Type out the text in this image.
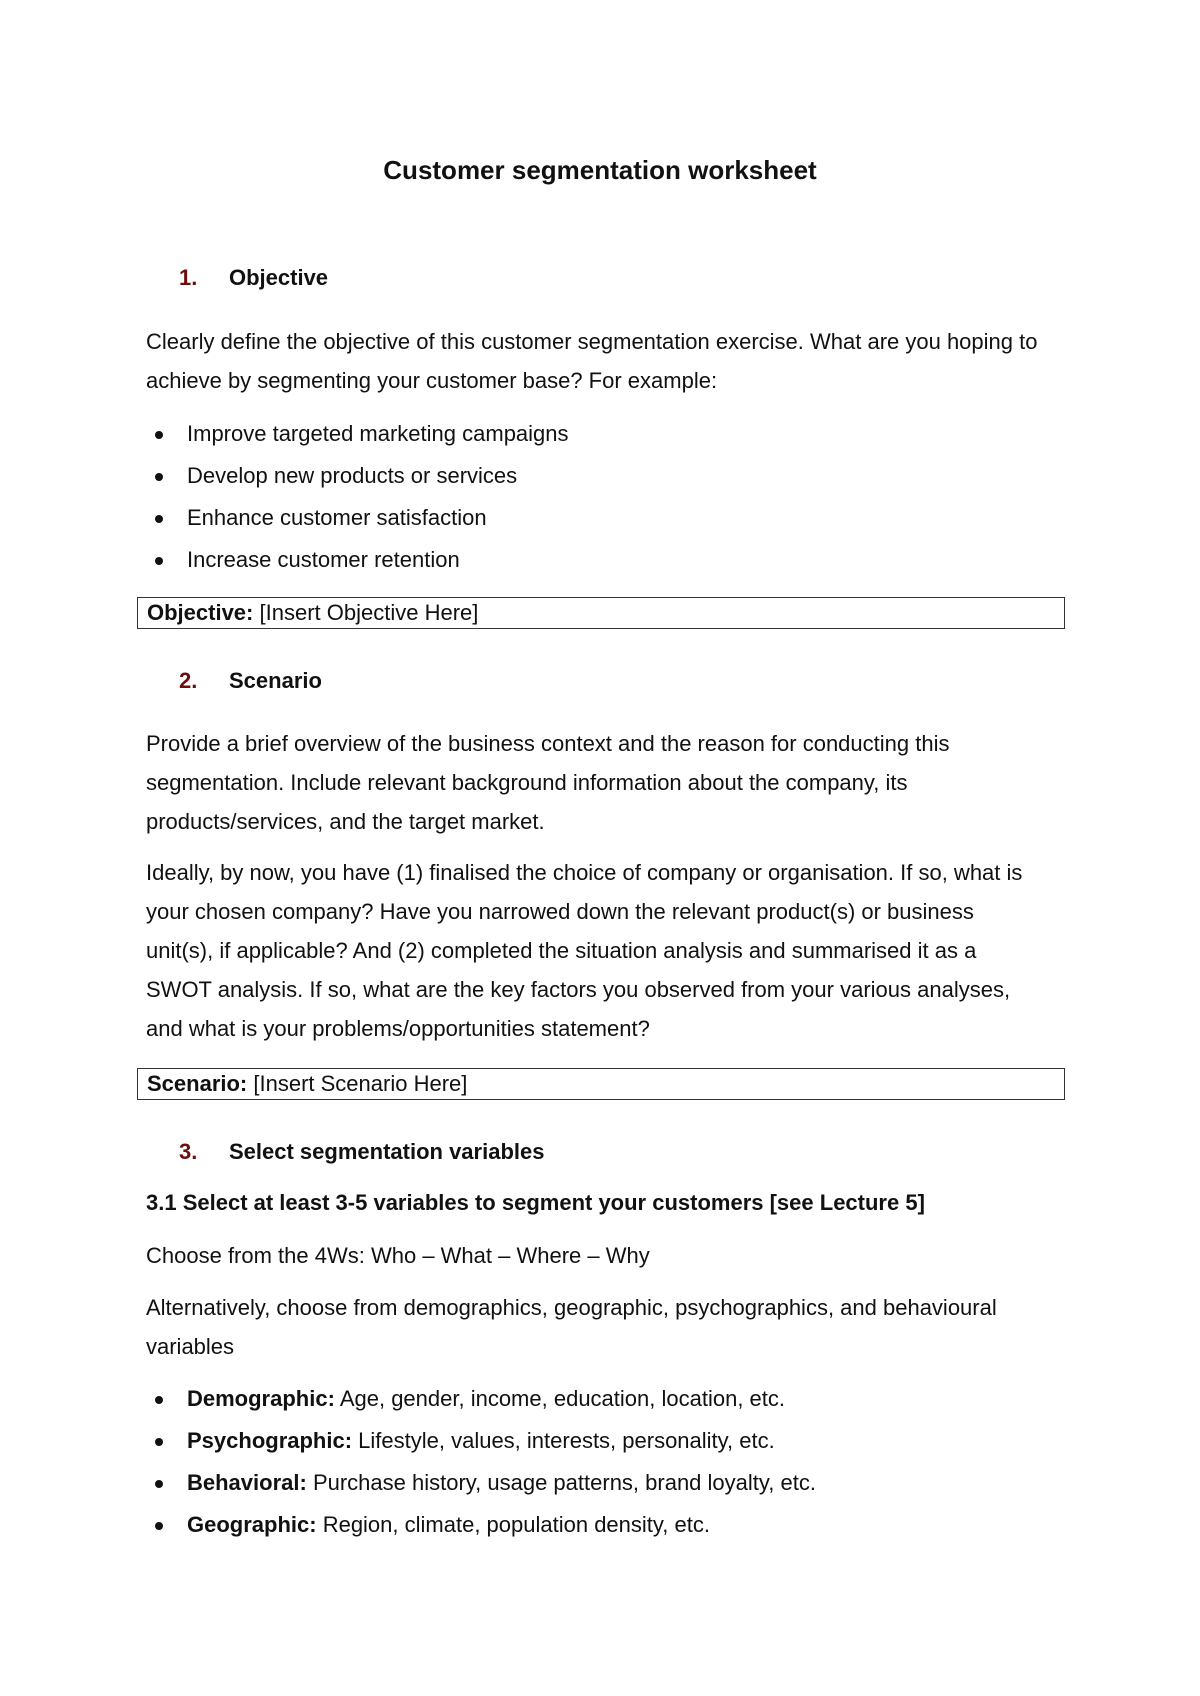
Customer segmentation worksheet
1. Objective
Clearly define the objective of this customer segmentation exercise. What are you hoping to achieve by segmenting your customer base? For example:
Improve targeted marketing campaigns
Develop new products or services
Enhance customer satisfaction
Increase customer retention
Objective: [Insert Objective Here]
2. Scenario
Provide a brief overview of the business context and the reason for conducting this segmentation. Include relevant background information about the company, its products/services, and the target market.
Ideally, by now, you have (1) finalised the choice of company or organisation. If so, what is your chosen company? Have you narrowed down the relevant product(s) or business unit(s), if applicable? And (2) completed the situation analysis and summarised it as a SWOT analysis. If so, what are the key factors you observed from your various analyses, and what is your problems/opportunities statement?
Scenario: [Insert Scenario Here]
3. Select segmentation variables
3.1 Select at least 3-5 variables to segment your customers [see Lecture 5]
Choose from the 4Ws: Who – What – Where – Why
Alternatively, choose from demographics, geographic, psychographics, and behavioural variables
Demographic: Age, gender, income, education, location, etc.
Psychographic: Lifestyle, values, interests, personality, etc.
Behavioral: Purchase history, usage patterns, brand loyalty, etc.
Geographic: Region, climate, population density, etc.
